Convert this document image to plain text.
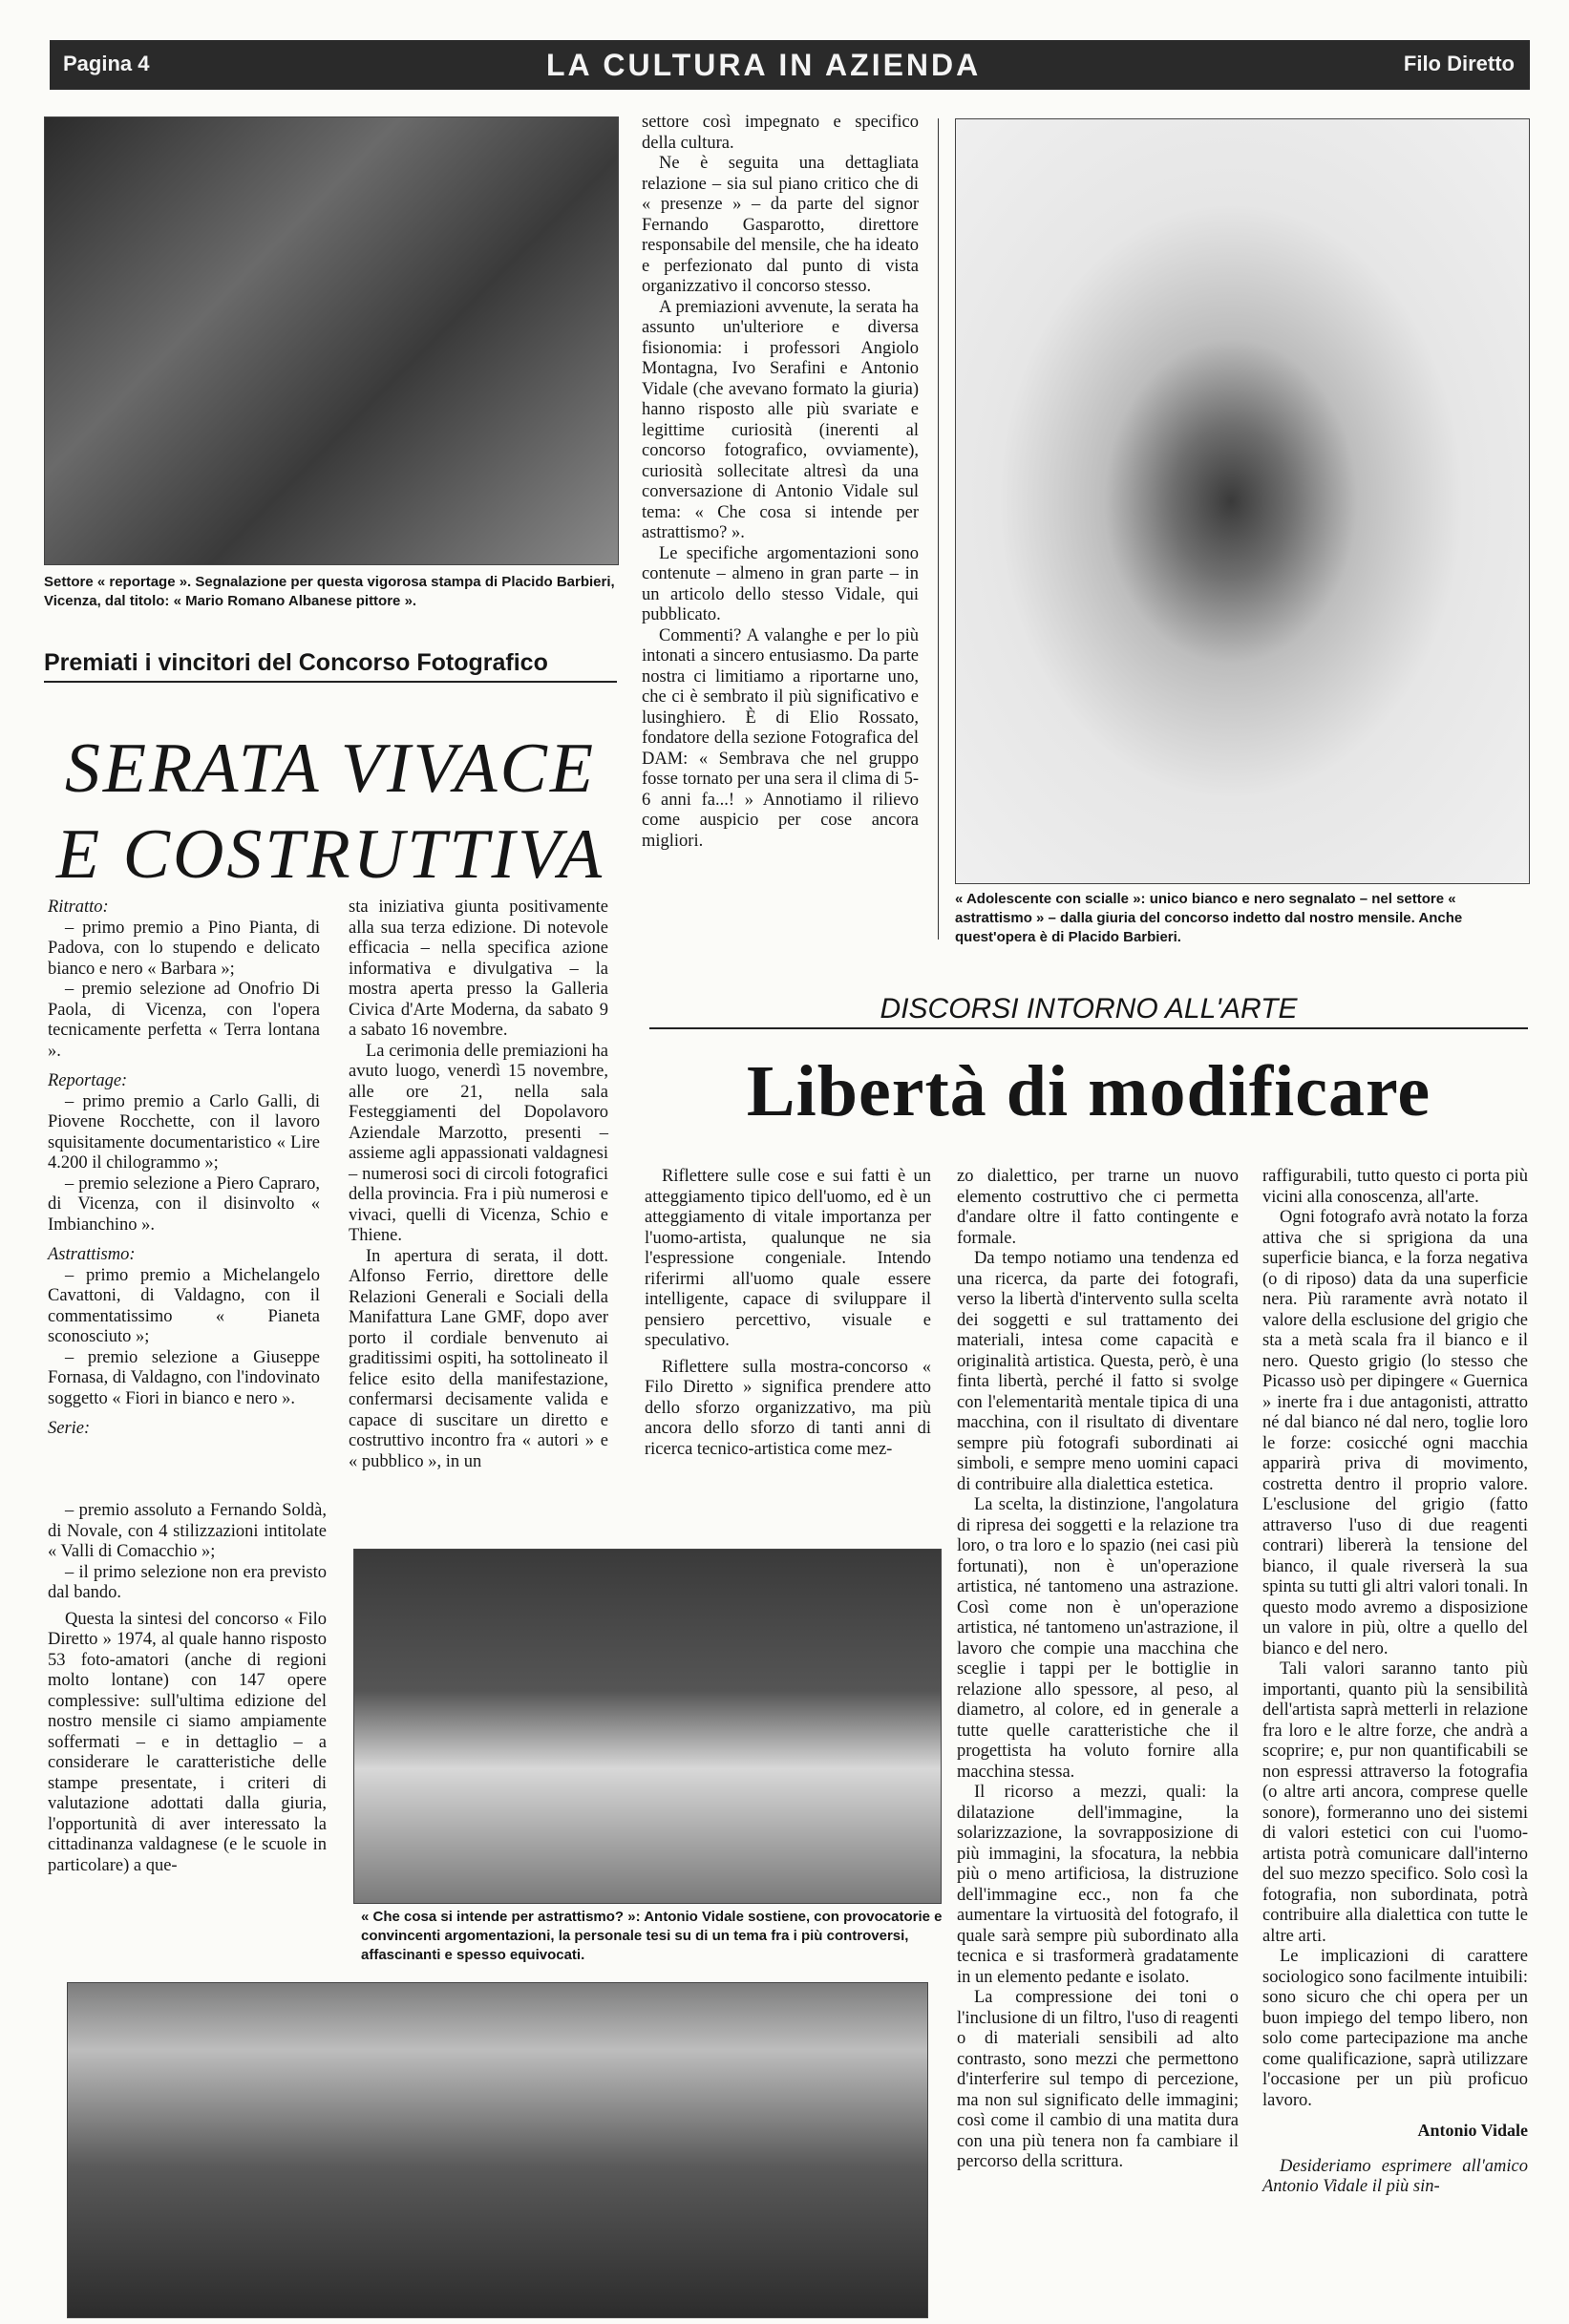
Pagina 4	LA CULTURA IN AZIENDA	Filo Diretto
Settore « reportage ». Segnalazione per questa vigorosa stampa di Placido Barbieri, Vicenza, dal titolo: « Mario Romano Albanese pittore ».
Premiati i vincitori del Concorso Fotografico
SERATA VIVACE
E COSTRUTTIVA

Ritratto:

– primo premio a Pino Pianta, di Padova, con lo stupendo e delicato bianco e nero « Barbara »;

– premio selezione ad Onofrio Di Paola, di Vicenza, con l'opera tecnicamente perfetta « Terra lontana ».

Reportage:

– primo premio a Carlo Galli, di Piovene Rocchette, con il lavoro squisitamente documentaristico « Lire 4.200 il chilogrammo »;

– premio selezione a Piero Capraro, di Vicenza, con il disinvolto « Imbianchino ».

Astrattismo:

– primo premio a Michelangelo Cavattoni, di Valdagno, con il commentatissimo « Pianeta sconosciuto »;

– premio selezione a Giuseppe Fornasa, di Valdagno, con l'indovinato soggetto « Fiori in bianco e nero ».

Serie:

– premio assoluto a Fernando Soldà, di Novale, con 4 stilizzazioni intitolate « Valli di Comacchio »;

– il primo selezione non era previsto dal bando.

Questa la sintesi del concorso « Filo Diretto » 1974, al quale hanno risposto 53 foto-amatori (anche di regioni molto lontane) con 147 opere complessive: sull'ultima edizione del nostro mensile ci siamo ampiamente soffermati – e in dettaglio – a considerare le caratteristiche delle stampe presentate, i criteri di valutazione adottati dalla giuria, l'opportunità di aver interessato la cittadinanza valdagnese (e le scuole in particolare) a que-

sta iniziativa giunta positivamente alla sua terza edizione. Di notevole efficacia – nella specifica azione informativa e divulgativa – la mostra aperta presso la Galleria Civica d'Arte Moderna, da sabato 9 a sabato 16 novembre.

La cerimonia delle premiazioni ha avuto luogo, venerdì 15 novembre, alle ore 21, nella sala Festeggiamenti del Dopolavoro Aziendale Marzotto, presenti – assieme agli appassionati valdagnesi – numerosi soci di circoli fotografici della provincia. Fra i più numerosi e vivaci, quelli di Vicenza, Schio e Thiene.

In apertura di serata, il dott. Alfonso Ferrio, direttore delle Relazioni Generali e Sociali della Manifattura Lane GMF, dopo aver porto il cordiale benvenuto ai graditissimi ospiti, ha sottolineato il felice esito della manifestazione, confermarsi decisamente valida e capace di suscitare un diretto e costruttivo incontro fra « autori » e « pubblico », in un

settore così impegnato e specifico della cultura.

Ne è seguita una dettagliata relazione – sia sul piano critico che di « presenze » – da parte del signor Fernando Gasparotto, direttore responsabile del mensile, che ha ideato e perfezionato dal punto di vista organizzativo il concorso stesso.

A premiazioni avvenute, la serata ha assunto un'ulteriore e diversa fisionomia: i professori Angiolo Montagna, Ivo Serafini e Antonio Vidale (che avevano formato la giuria) hanno risposto alle più svariate e legittime curiosità (inerenti al concorso fotografico, ovviamente), curiosità sollecitate altresì da una conversazione di Antonio Vidale sul tema: « Che cosa si intende per astrattismo? ».

Le specifiche argomentazioni sono contenute – almeno in gran parte – in un articolo dello stesso Vidale, qui pubblicato.

Commenti? A valanghe e per lo più intonati a sincero entusiasmo. Da parte nostra ci limitiamo a riportarne uno, che ci è sembrato il più significativo e lusinghiero. È di Elio Rossato, fondatore della sezione Fotografica del DAM: « Sembrava che nel gruppo fosse tornato per una sera il clima di 5-6 anni fa...! » Annotiamo il rilievo come auspicio per cose ancora migliori.

« Adolescente con scialle »: unico bianco e nero segnalato – nel settore « astrattismo » – dalla giuria del concorso indetto dal nostro mensile. Anche quest'opera è di Placido Barbieri.
DISCORSI INTORNO ALL'ARTE
Libertà di modificare

Riflettere sulle cose e sui fatti è un atteggiamento tipico dell'uomo, ed è un atteggiamento di vitale importanza per l'uomo-artista, qualunque ne sia l'espressione congeniale. Intendo riferirmi all'uomo quale essere intelligente, capace di sviluppare il pensiero percettivo, visuale e speculativo.

Riflettere sulla mostra-concorso « Filo Diretto » significa prendere atto dello sforzo organizzativo, ma più ancora dello sforzo di tanti anni di ricerca tecnico-artistica come mez-

« Che cosa si intende per astrattismo? »: Antonio Vidale sostiene, con provocatorie e convincenti argomentazioni, la personale tesi su di un tema fra i più controversi, affascinanti e spesso equivocati.

zo dialettico, per trarne un nuovo elemento costruttivo che ci permetta d'andare oltre il fatto contingente e formale.

Da tempo notiamo una tendenza ed una ricerca, da parte dei fotografi, verso la libertà d'intervento sulla scelta dei soggetti e sul trattamento dei materiali, intesa come capacità e originalità artistica. Questa, però, è una finta libertà, perché il fatto si svolge con l'elementarità mentale tipica di una macchina, con il risultato di diventare sempre più fotografi subordinati ai simboli, e sempre meno uomini capaci di contribuire alla dialettica estetica.

La scelta, la distinzione, l'angolatura di ripresa dei soggetti e la relazione tra loro, o tra loro e lo spazio (nei casi più fortunati), non è un'operazione artistica, né tantomeno una astrazione. Così come non è un'operazione artistica, né tantomeno un'astrazione, il lavoro che compie una macchina che sceglie i tappi per le bottiglie in relazione allo spessore, al peso, al diametro, al colore, ed in generale a tutte quelle caratteristiche che il progettista ha voluto fornire alla macchina stessa.

Il ricorso a mezzi, quali: la dilatazione dell'immagine, la solarizzazione, la sovrapposizione di più immagini, la sfocatura, la nebbia più o meno artificiosa, la distruzione dell'immagine ecc., non fa che aumentare la virtuosità del fotografo, il quale sarà sempre più subordinato alla tecnica e si trasformerà gradatamente in un elemento pedante e isolato.

La compressione dei toni o l'inclusione di un filtro, l'uso di reagenti o di materiali sensibili ad alto contrasto, sono mezzi che permettono d'interferire sul tempo di percezione, ma non sul significato delle immagini; così come il cambio di una matita dura con una più tenera non fa cambiare il percorso della scrittura.

raffigurabili, tutto questo ci porta più vicini alla conoscenza, all'arte.

Ogni fotografo avrà notato la forza attiva che si sprigiona da una superficie bianca, e la forza negativa (o di riposo) data da una superficie nera. Più raramente avrà notato il valore della esclusione del grigio che sta a metà scala fra il bianco e il nero. Questo grigio (lo stesso che Picasso usò per dipingere « Guernica » inerte fra i due antagonisti, attratto né dal bianco né dal nero, toglie loro le forze: cosicché ogni macchia apparirà priva di movimento, costretta dentro il proprio valore. L'esclusione del grigio (fatto attraverso l'uso di due reagenti contrari) libererà la tensione del bianco, il quale riverserà la sua spinta su tutti gli altri valori tonali. In questo modo avremo a disposizione un valore in più, oltre a quello del bianco e del nero.

Tali valori saranno tanto più importanti, quanto più la sensibilità dell'artista saprà metterli in relazione fra loro e le altre forze, che andrà a scoprire; e, pur non quantificabili se non espressi attraverso la fotografia (o altre arti ancora, comprese quelle sonore), formeranno uno dei sistemi di valori estetici con cui l'uomo-artista potrà comunicare dall'interno del suo mezzo specifico. Solo così la fotografia, non subordinata, potrà contribuire alla dialettica con tutte le altre arti.

Le implicazioni di carattere sociologico sono facilmente intuibili: sono sicuro che chi opera per un buon impiego del tempo libero, non solo come partecipazione ma anche come qualificazione, saprà utilizzare l'occasione per un più proficuo lavoro.

Antonio Vidale
Desideriamo esprimere all'amico Antonio Vidale il più sin-
